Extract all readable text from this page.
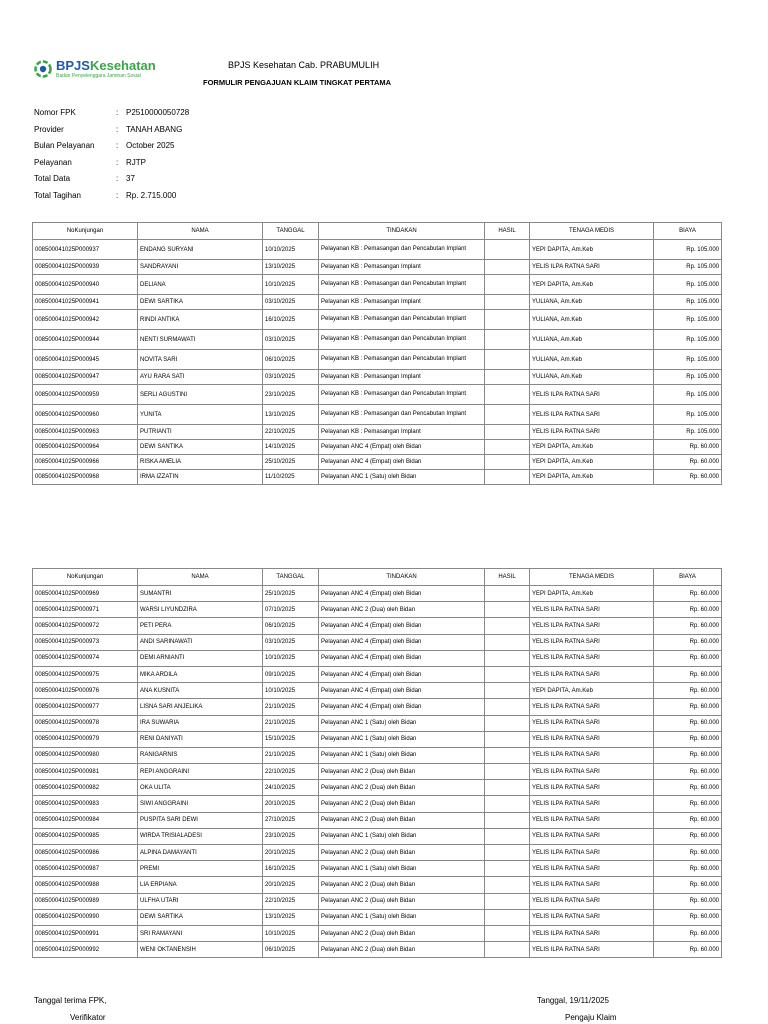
BPJSKesehatan
Badan Penyelenggara Jaminan Sosial
BPJS Kesehatan Cab. PRABUMULIH
FORMULIR PENGAJUAN KLAIM TINGKAT PERTAMA
Nomor FPK	: P2510000050728
Provider	: TANAH ABANG
Bulan Pelayanan	: October 2025
Pelayanan	: RJTP
Total Data	: 37
Total Tagihan	: Rp. 2.715.000
NoKunjungan	NAMA	TANGGAL	TINDAKAN	HASIL	TENAGA MEDIS	BIAYA
008500041025P000937	ENDANG SURYANI	10/10/2025	Pelayanan KB : Pemasangan dan Pencabutan Implant		YEPI DAPITA, Am.Keb	Rp. 105.000
008500041025P000939	SANDRAYANI	13/10/2025	Pelayanan KB : Pemasangan Implant		YELIS ILPA RATNA SARI	Rp. 105.000
008500041025P000940	DELIANA	10/10/2025	Pelayanan KB : Pemasangan dan Pencabutan Implant		YEPI DAPITA, Am.Keb	Rp. 105.000
008500041025P000941	DEWI SARTIKA	03/10/2025	Pelayanan KB : Pemasangan Implant		YULIANA, Am.Keb	Rp. 105.000
008500041025P000942	RINDI ANTIKA	16/10/2025	Pelayanan KB : Pemasangan dan Pencabutan Implant		YULIANA, Am.Keb	Rp. 105.000
008500041025P000944	NENTI SURMAWATI	03/10/2025	Pelayanan KB : Pemasangan dan Pencabutan Implant		YULIANA, Am.Keb	Rp. 105.000
008500041025P000945	NOVITA SARI	06/10/2025	Pelayanan KB : Pemasangan dan Pencabutan Implant		YULIANA, Am.Keb	Rp. 105.000
008500041025P000947	AYU RARA SATI	03/10/2025	Pelayanan KB : Pemasangan Implant		YULIANA, Am.Keb	Rp. 105.000
008500041025P000959	SERLI AGUSTINI	23/10/2025	Pelayanan KB : Pemasangan dan Pencabutan Implant		YELIS ILPA RATNA SARI	Rp. 105.000
008500041025P000960	YUNITA	13/10/2025	Pelayanan KB : Pemasangan dan Pencabutan Implant		YELIS ILPA RATNA SARI	Rp. 105.000
008500041025P000963	PUTRIANTI	22/10/2025	Pelayanan KB : Pemasangan Implant		YELIS ILPA RATNA SARI	Rp. 105.000
008500041025P000964	DEWI SANTIKA	14/10/2025	Pelayanan ANC 4 (Empat) oleh Bidan		YEPI DAPITA, Am.Keb	Rp. 60.000
008500041025P000966	RISKA AMELIA	25/10/2025	Pelayanan ANC 4 (Empat) oleh Bidan		YEPI DAPITA, Am.Keb	Rp. 60.000
008500041025P000968	IRMA IZZATIN	11/10/2025	Pelayanan ANC 1 (Satu) oleh Bidan		YEPI DAPITA, Am.Keb	Rp. 60.000
NoKunjungan	NAMA	TANGGAL	TINDAKAN	HASIL	TENAGA MEDIS	BIAYA
008500041025P000969	SUMANTRI	25/10/2025	Pelayanan ANC 4 (Empat) oleh Bidan		YEPI DAPITA, Am.Keb	Rp. 60.000
008500041025P000971	WARSI LIYUNDZIRA	07/10/2025	Pelayanan ANC 2 (Dua) oleh Bidan		YELIS ILPA RATNA SARI	Rp. 60.000
008500041025P000972	PETI PERA	06/10/2025	Pelayanan ANC 4 (Empat) oleh Bidan		YELIS ILPA RATNA SARI	Rp. 60.000
008500041025P000973	ANDI SARINAWATI	03/10/2025	Pelayanan ANC 4 (Empat) oleh Bidan		YELIS ILPA RATNA SARI	Rp. 60.000
008500041025P000974	DEMI ARNIANTI	10/10/2025	Pelayanan ANC 4 (Empat) oleh Bidan		YELIS ILPA RATNA SARI	Rp. 60.000
008500041025P000975	MIKA ARDILA	09/10/2025	Pelayanan ANC 4 (Empat) oleh Bidan		YELIS ILPA RATNA SARI	Rp. 60.000
008500041025P000976	ANA KUSNITA	10/10/2025	Pelayanan ANC 4 (Empat) oleh Bidan		YEPI DAPITA, Am.Keb	Rp. 60.000
008500041025P000977	LISNA SARI ANJELIKA	21/10/2025	Pelayanan ANC 4 (Empat) oleh Bidan		YELIS ILPA RATNA SARI	Rp. 60.000
008500041025P000978	IRA SUWARIA	21/10/2025	Pelayanan ANC 1 (Satu) oleh Bidan		YELIS ILPA RATNA SARI	Rp. 60.000
008500041025P000979	RENI DANIYATI	15/10/2025	Pelayanan ANC 1 (Satu) oleh Bidan		YELIS ILPA RATNA SARI	Rp. 60.000
008500041025P000980	RANIGARNIS	21/10/2025	Pelayanan ANC 1 (Satu) oleh Bidan		YELIS ILPA RATNA SARI	Rp. 60.000
008500041025P000981	REPI ANGGRAINI	22/10/2025	Pelayanan ANC 2 (Dua) oleh Bidan		YELIS ILPA RATNA SARI	Rp. 60.000
008500041025P000982	OKA ULITA	24/10/2025	Pelayanan ANC 2 (Dua) oleh Bidan		YELIS ILPA RATNA SARI	Rp. 60.000
008500041025P000983	SIWI ANGGRAINI	20/10/2025	Pelayanan ANC 2 (Dua) oleh Bidan		YELIS ILPA RATNA SARI	Rp. 60.000
008500041025P000984	PUSPITA SARI DEWI	27/10/2025	Pelayanan ANC 2 (Dua) oleh Bidan		YELIS ILPA RATNA SARI	Rp. 60.000
008500041025P000985	WIRDA TRISIALADESI	23/10/2025	Pelayanan ANC 1 (Satu) oleh Bidan		YELIS ILPA RATNA SARI	Rp. 60.000
008500041025P000986	ALPINA DAMAYANTI	20/10/2025	Pelayanan ANC 2 (Dua) oleh Bidan		YELIS ILPA RATNA SARI	Rp. 60.000
008500041025P000987	PREMI	16/10/2025	Pelayanan ANC 1 (Satu) oleh Bidan		YELIS ILPA RATNA SARI	Rp. 60.000
008500041025P000988	LIA ERPIANA	20/10/2025	Pelayanan ANC 2 (Dua) oleh Bidan		YELIS ILPA RATNA SARI	Rp. 60.000
008500041025P000989	ULFHA UTARI	22/10/2025	Pelayanan ANC 2 (Dua) oleh Bidan		YELIS ILPA RATNA SARI	Rp. 60.000
008500041025P000990	DEWI SARTIKA	13/10/2025	Pelayanan ANC 1 (Satu) oleh Bidan		YELIS ILPA RATNA SARI	Rp. 60.000
008500041025P000991	SRI RAMAYANI	10/10/2025	Pelayanan ANC 2 (Dua) oleh Bidan		YELIS ILPA RATNA SARI	Rp. 60.000
008500041025P000992	WENI OKTANENSIH	06/10/2025	Pelayanan ANC 2 (Dua) oleh Bidan		YELIS ILPA RATNA SARI	Rp. 60.000
Tanggal terima FPK,
Verifikator
Tanggal, 19/11/2025
Pengaju Klaim
